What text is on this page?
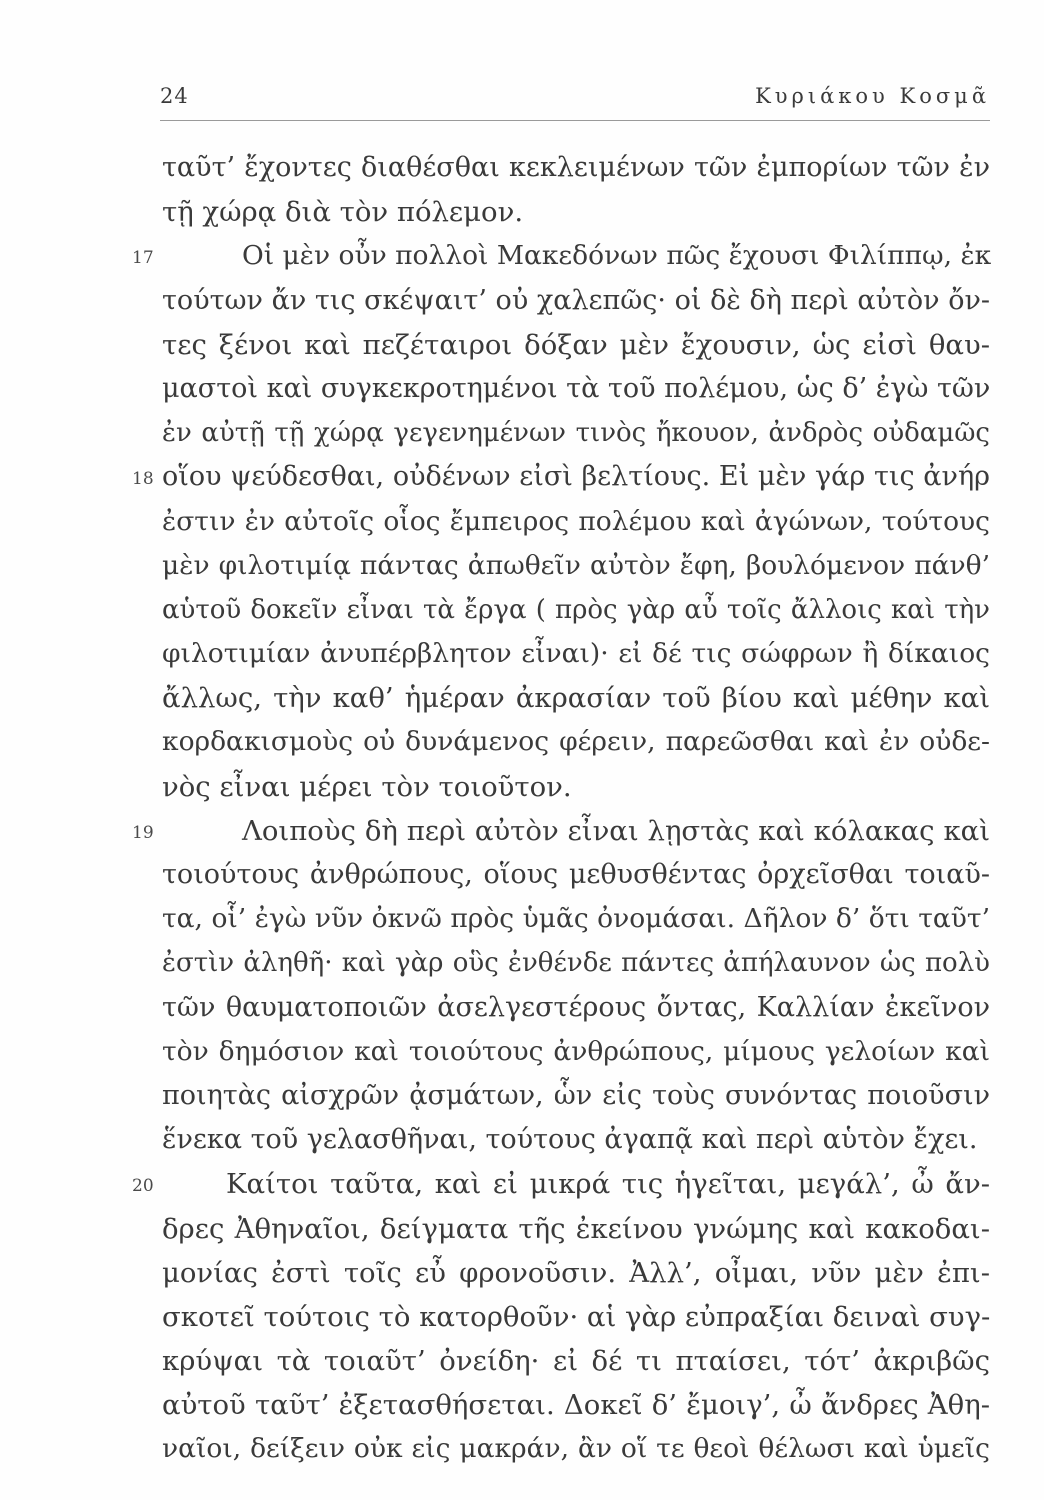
24	Κυριάκου Κοσμᾶ
ταῦτ’ ἔχοντες διαθέσθαι κεκλειμένων τῶν ἐμπορίων τῶν ἐν
τῇ χώρᾳ διὰ τὸν πόλεμον.
17	Οἱ μὲν οὖν πολλοὶ Μακεδόνων πῶς ἔχουσι Φιλίππῳ, ἐκ
τούτων ἄν τις σκέψαιτ’ οὐ χαλεπῶς· οἱ δὲ δὴ περὶ αὐτὸν ὄν-
τες ξένοι καὶ πεζέταιροι δόξαν μὲν ἔχουσιν, ὡς εἰσὶ θαυ-
μαστοὶ καὶ συγκεκροτημένοι τὰ τοῦ πολέμου, ὡς δ’ ἐγὼ τῶν
ἐν αὐτῇ τῇ χώρᾳ γεγενημένων τινὸς ἤκουον, ἀνδρὸς οὐδαμῶς
18 οἵου ψεύδεσθαι, οὐδένων εἰσὶ βελτίους. Εἰ μὲν γάρ τις ἀνήρ
ἐστιν ἐν αὐτοῖς οἷος ἔμπειρος πολέμου καὶ ἀγώνων, τούτους
μὲν φιλοτιμίᾳ πάντας ἀπωθεῖν αὐτὸν ἔφη, βουλόμενον πάνθ’
αὑτοῦ δοκεῖν εἶναι τὰ ἔργα ( πρὸς γὰρ αὖ τοῖς ἄλλοις καὶ τὴν
φιλοτιμίαν ἀνυπέρβλητον εἶναι)· εἰ δέ τις σώφρων ἢ δίκαιος
ἄλλως, τὴν καθ’ ἡμέραν ἀκρασίαν τοῦ βίου καὶ μέθην καὶ
κορδακισμοὺς οὐ δυνάμενος φέρειν, παρεῶσθαι καὶ ἐν οὐδε-
νὸς εἶναι μέρει τὸν τοιοῦτον.
19	Λοιποὺς δὴ περὶ αὐτὸν εἶναι λῃστὰς καὶ κόλακας καὶ
τοιούτους ἀνθρώπους, οἵους μεθυσθέντας ὀρχεῖσθαι τοιαῦ-
τα, οἷ’ ἐγὼ νῦν ὀκνῶ πρὸς ὑμᾶς ὀνομάσαι. Δῆλον δ’ ὅτι ταῦτ’
ἐστὶν ἀληθῆ· καὶ γὰρ οὓς ἐνθένδε πάντες ἀπήλαυνον ὡς πολὺ
τῶν θαυματοποιῶν ἀσελγεστέρους ὄντας, Καλλίαν ἐκεῖνον
τὸν δημόσιον καὶ τοιούτους ἀνθρώπους, μίμους γελοίων καὶ
ποιητὰς αἰσχρῶν ᾀσμάτων, ὧν εἰς τοὺς συνόντας ποιοῦσιν
ἕνεκα τοῦ γελασθῆναι, τούτους ἀγαπᾷ καὶ περὶ αὑτὸν ἔχει.
20	Καίτοι ταῦτα, καὶ εἰ μικρά τις ἡγεῖται, μεγάλ’, ὦ ἄν-
δρες Ἀθηναῖοι, δείγματα τῆς ἐκείνου γνώμης καὶ κακοδαι-
μονίας ἐστὶ τοῖς εὖ φρονοῦσιν. Ἀλλ’, οἶμαι, νῦν μὲν ἐπι-
σκοτεῖ τούτοις τὸ κατορθοῦν· αἱ γὰρ εὐπραξίαι δειναὶ συγ-
κρύψαι τὰ τοιαῦτ’ ὀνείδη· εἰ δέ τι πταίσει, τότ’ ἀκριβῶς
αὐτοῦ ταῦτ’ ἐξετασθήσεται. Δοκεῖ δ’ ἔμοιγ’, ὦ ἄνδρες Ἀθη-
ναῖοι, δείξειν οὐκ εἰς μακράν, ἂν οἵ τε θεοὶ θέλωσι καὶ ὑμεῖς
